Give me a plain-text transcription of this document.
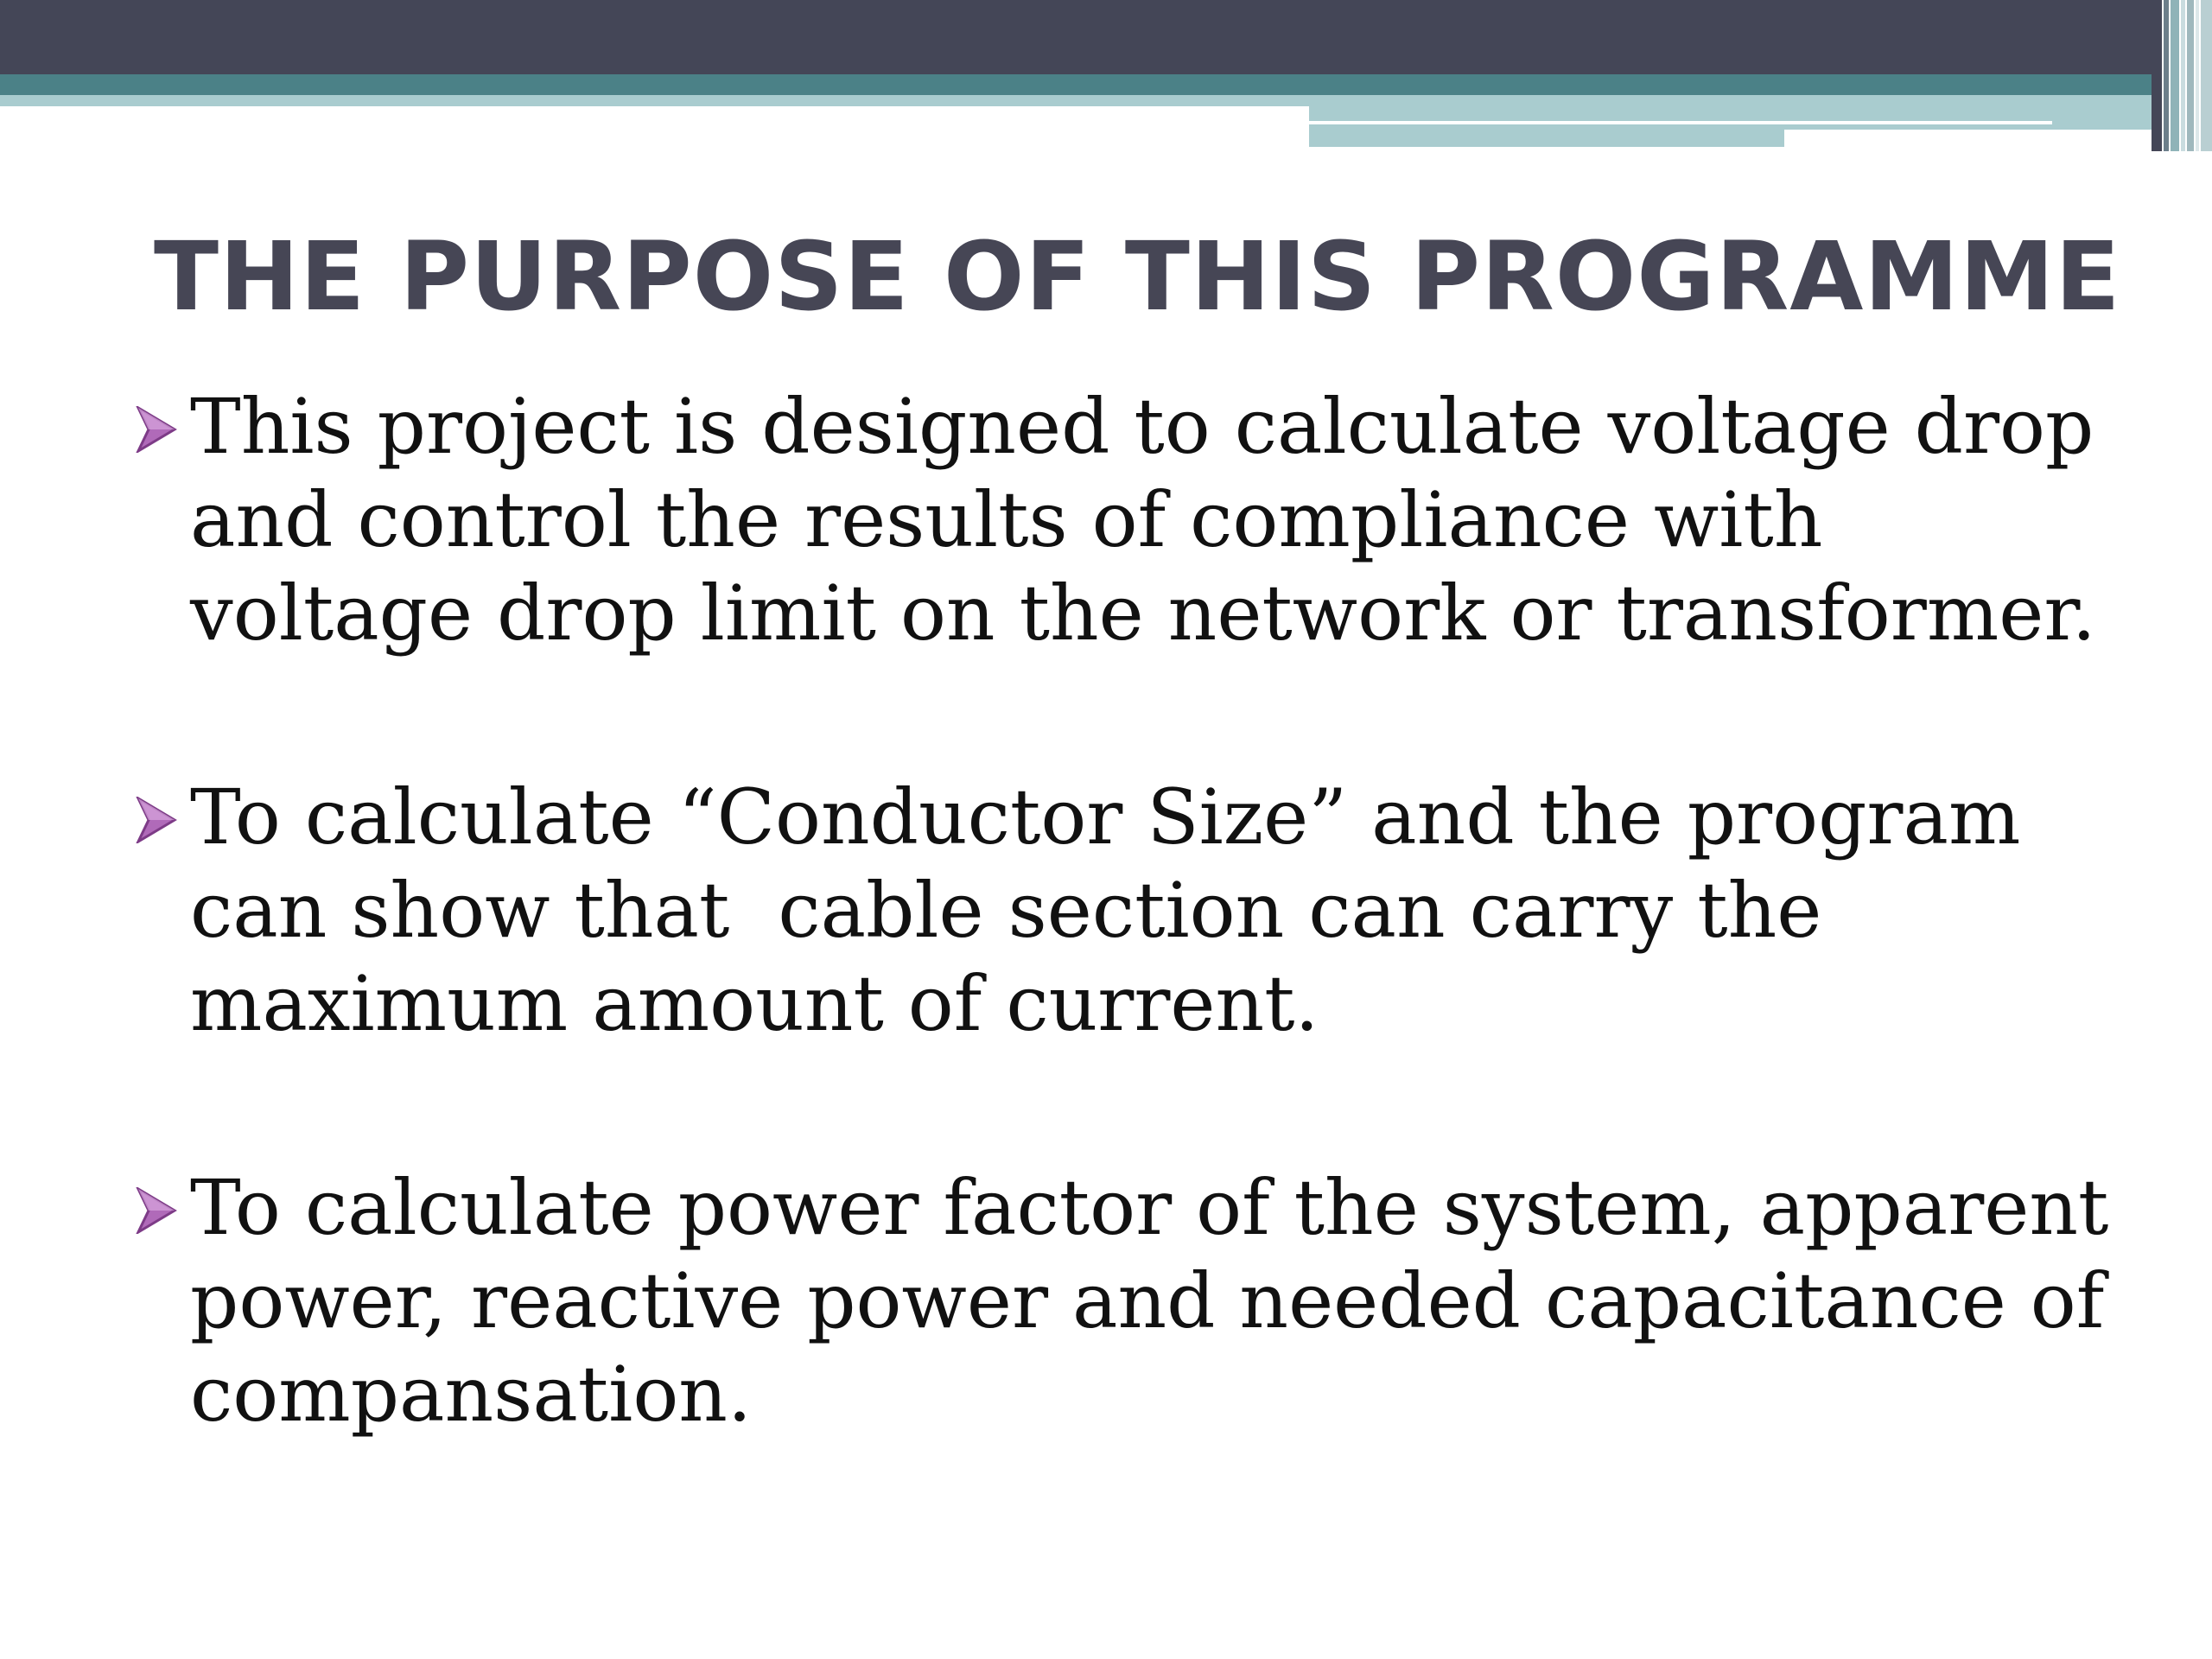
THE PURPOSE OF THIS PROGRAMME
This project is designed to calculate voltage drop and control the results of compliance with voltage drop limit on the network or transformer.
To calculate “Conductor Size” and the program can show that  cable section can carry the maximum amount of current.
To calculate power factor of the system, apparent power, reactive power and needed capacitance of compansation.
